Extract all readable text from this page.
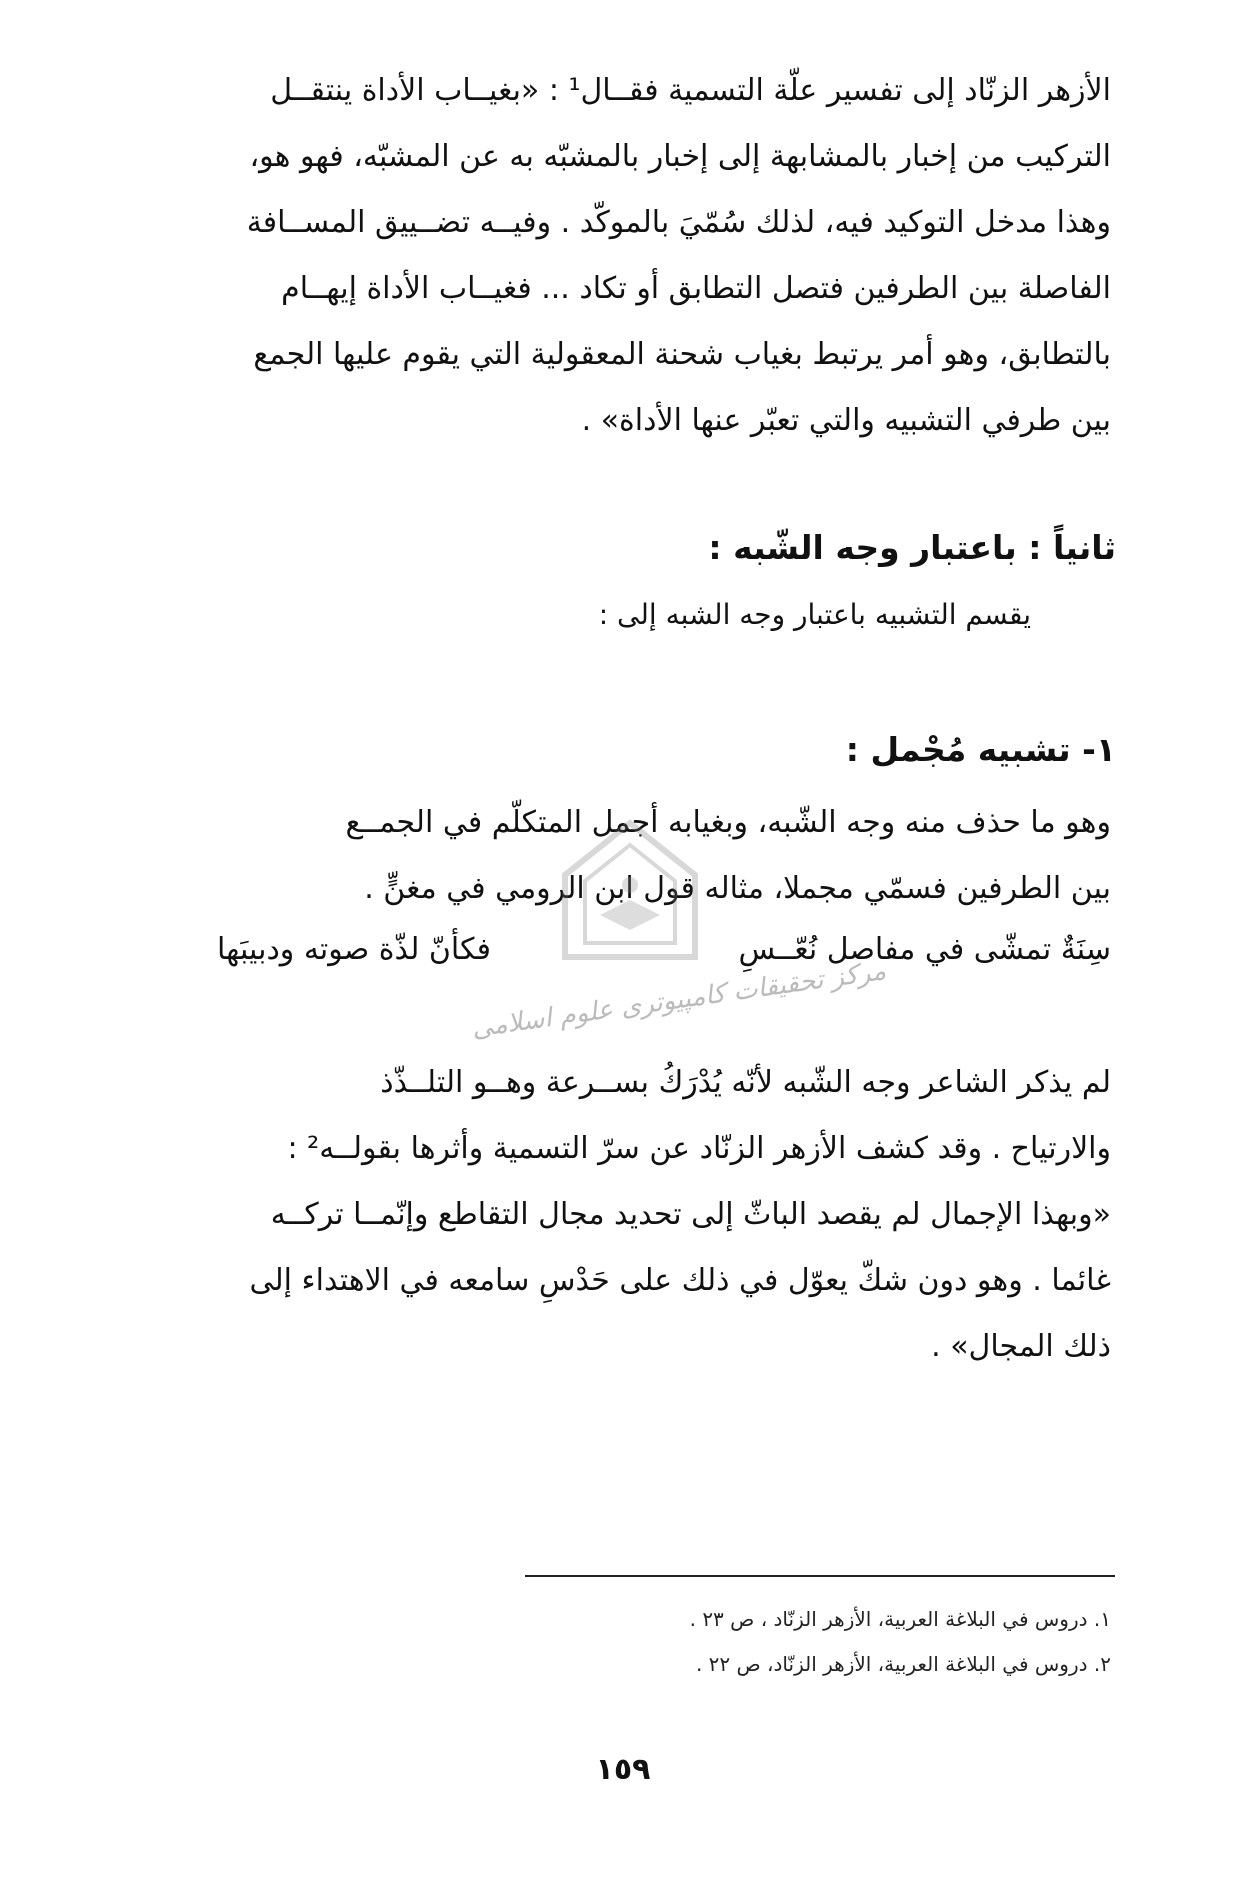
الأزهر الزنّاد إلى تفسير علّة التسمية فقــال¹ : «بغيــاب الأداة ينتقــل
التركيب من إخبار بالمشابهة إلى إخبار بالمشبّه به عن المشبّه، فهو هو،
وهذا مدخل التوكيد فيه، لذلك سُمّيَ بالموكّد . وفيــه تضــييق المســافة
الفاصلة بين الطرفين فتصل التطابق أو تكاد ... فغيــاب الأداة إيهــام
بالتطابق، وهو أمر يرتبط بغياب شحنة المعقولية التي يقوم عليها الجمع
بين طرفي التشبيه والتي تعبّر عنها الأداة» .
ثانياً : باعتبار وجه الشّبه :
يقسم التشبيه باعتبار وجه الشبه إلى :
١- تشبيه مُجْمل :
وهو ما حذف منه وجه الشّبه، وبغيابه أجمل المتكلّم في الجمــع
بين الطرفين فسمّي مجملا، مثاله قول ابن الرومي في مغنٍّ .
سِنَةٌ تمشّى في مفاصل نُعّــسِ
فكأنّ لذّة صوته ودبيبَها
لم يذكر الشاعر وجه الشّبه لأنّه يُدْرَكُ بســرعة وهــو التلــذّذ
والارتياح . وقد كشف الأزهر الزنّاد عن سرّ التسمية وأثرها بقولــه² :
«وبهذا الإجمال لم يقصد الباثّ إلى تحديد مجال التقاطع وإنّمــا تركــه
غائما . وهو دون شكّ يعوّل في ذلك على حَدْسِ سامعه في الاهتداء إلى
ذلك المجال» .
مركز تحقيقات كامپيوترى علوم اسلامى
١. دروس في البلاغة العربية، الأزهر الزنّاد ، ص ٢٣ .
٢. دروس في البلاغة العربية، الأزهر الزنّاد، ص ٢٢ .
١٥٩
